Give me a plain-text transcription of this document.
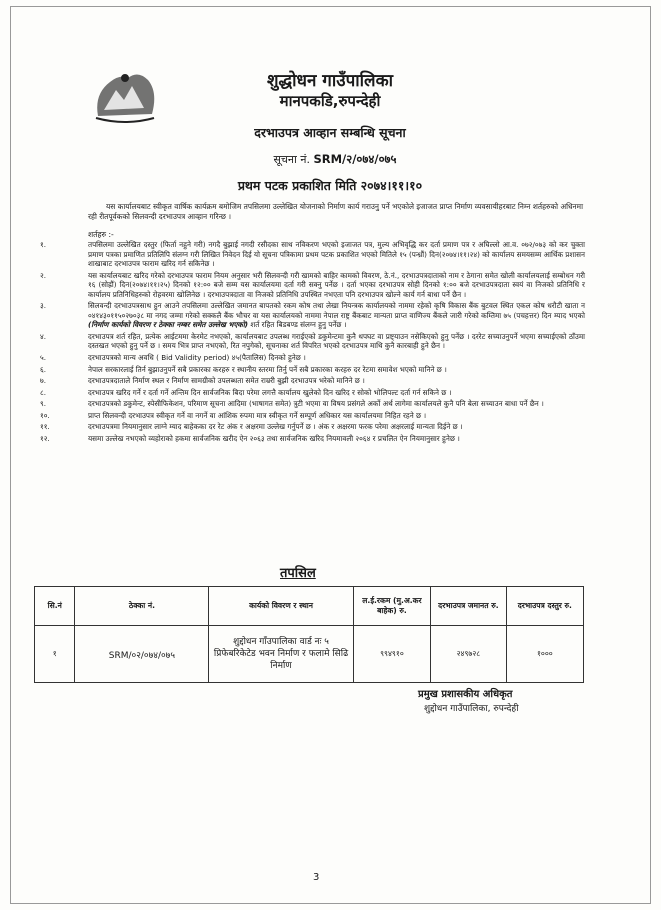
शुद्धोधन गाउँपालिका
मानपकडि,रुपन्देही
दरभाउपत्र आव्हान सम्बन्धि सूचना
सूचना नं. SRM/२/०७४/०७५
प्रथम पटक प्रकाशित मिति २०७४।११।१०
यस कार्यालयबाट स्वीकृत वार्षिक कार्यक्रम बमोजिम तपसिलमा उल्लेखित योजनाको निर्माण कार्य गराउनु पर्ने भएकोले इजाजत प्राप्त निर्माण व्यवसायीहरबाट निम्न शर्तहरुको अधिनमा रही रीतपूर्वकको सिलवन्दी दरभाउपत्र आव्हान गरिन्छ ।
शर्तहरु :-
१.	तपसिलमा उल्लेखित दस्तुर (फिर्ता नहुने गरी) नगदै बुझाई नगदी रसीदका साथ नविकरण भएको इजाजत पत्र, मुल्य अभिवृद्धि कर दर्ता प्रमाण पत्र र अघिल्लो आ.व. ०७२/०७३ को कर चुक्ता प्रमाण पत्रका प्रमाणित प्रतिलिपि संलग्न गरी लिखित निवेदन दिई यो सूचना पत्रिकामा प्रथम पटक प्रकाशित भएको मितिले १५ (पन्ध्रौं) दिन(२०७४।११।२४) को कार्यालय समयसम्म आर्थिक प्रशासन शाखाबाट दरभाउपत्र फाराम खरिद गर्न सकिनेछ ।
२.	यस कार्यालयबाट खरिद गरेको दरभाउपत्र फाराम नियम अनुसार भरी सिलवन्दी गरी खामको बाहिर कामको विवरण, ठे.नं., दरभाउपत्रदाताको नाम र ठेगाना समेत खोली कार्यालयलाई सम्बोधन गरी १६ (सोह्रौं) दिन(२०७४।११।२५) दिनको १२:०० बजे सम्म यस कार्यालयमा दर्ता गरी सक्नु पर्नेछ । दर्ता भएका दरभाउपत्र सोही दिनको १:०० बजे दरभाउपत्रदाता स्वयं वा निजको प्रतिनिधि र कार्यालय प्रतिनिधिहरुको रोहवरमा खोलिनेछ । दरभाउपत्रदाता वा निजको प्रतिनिधि उपस्थित नभएता पनि दरभाउपत्र खोल्ने कार्य गर्न बाधा पर्ने छैन ।
३.	सिलवन्दी दरभाउपत्रसाथ हुन आउने तपसिलमा उल्लेखित जमानत बापतको रकम कोष तथा लेखा नियन्त्रक कार्यालयको नाममा रहेको कृषि विकास बैंक बुटवल स्थित एकल कोष धरौटी खाता न ०४१४३०११५०२७०३८ मा नगद जम्मा गरेको सक्कलै बैंक भौचर वा यस कार्यालयको नाममा नेपाल राष्ट्र बैंकबाट मान्यता प्राप्त वाणिज्य बैंकले जारी गरेको कम्तिमा ७५ (पचहत्तर) दिन म्याद भएको (निर्माण कार्यको विवरण र ठेक्का नम्बर समेत उल्लेख भएको) शर्त रहित बिडबण्ड संलग्न हुनु पर्नेछ ।
४.	दरभाउपत्र शर्त रहित, प्रत्येक आईटममा केरमेट नभएको, कार्यालयबाट उपलब्ध गराईएको डकुमेन्टमा कुनै थपघट वा प्रष्ट्याउन नसेकिएको हुनु पर्नेछ । दररेट सच्याउनुपर्ने भएमा सच्याईएको ठाँउमा दस्तखत भएको हुनु पर्ने छ । समय भित्र प्राप्त नभएको, रित नपुगेको, सूचनाका शर्त विपरित भएको दरभाउपत्र माथि कुनै कारबाही हुने छैन ।
५.	दरभाउपत्रको मान्य अवधि ( Bid Validity period) ४५(पैतालिस) दिनको हुनेछ ।
६.	नेपाल सरकारलाई तिर्न बुझाउनुपर्ने सबै प्रकारका करहरु र स्थानीय स्तरमा तिर्नु पर्ने सबै प्रकारका करहरु दर रेटमा समावेश भएको मानिने छ ।
७.	दरभाउपत्रदाताले निर्माण स्थल र निर्माण सामग्रीको उपलब्धता समेत राम्ररी बुझी दरभाउपत्र भरेको मानिने छ ।
८.	दरभाउपत्र खरिद गर्ने र दर्ता गर्ने अन्तिम दिन सार्वजनिक बिदा परेमा लगत्तै कार्यालय खुलेको दिन खरिद र सोको भोलिपल्ट दर्ता गर्न सकिने छ ।
९.	दरभाउपत्रको डकुमेन्ट, स्पेसीफिकेशन, परिमाण सूचना आदिमा (भाषागत समेत) त्रुटी भएमा वा विषय प्रसंगले अर्को अर्थ लागेमा कार्यालयले कुनै पनि बेला सच्याउन बाधा पर्ने छैन ।
१०.	प्राप्त सिलवन्दी दरभाउपत्र स्वीकृत गर्ने वा नगर्ने वा आंशिक रुपमा मात्र स्वीकृत गर्ने सम्पूर्ण अधिकार यस कार्यालयमा निहित रहने छ ।
११.	दरभाउपत्रमा नियमानुसार लाग्ने म्याद बाहेकका दर रेट अंक र अक्षरमा उल्लेख गर्नुपर्ने छ । अंक र अक्षरमा फरक परेमा अक्षरलाई मान्यता दिईने छ ।
१२.	यसमा उल्लेख नभएको व्यहोराको हकमा सार्वजनिक खरीद ऐन २०६३ तथा सार्वजनिक खरिद नियमावली २०६४ र प्रचलित ऐन नियमानुसार हुनेछ ।
तपसिल
सि.नं	ठेक्का नं.	कार्यको विवरण र स्थान	ल.ई.रकम (मु.अ.कर बाहेक) रु.	दरभाउपत्र जमानत रु.	दरभाउपत्र दस्तुर रु.
१	SRM/०२/०७४/०७५	शुद्दोधन गाँउपालिका वार्ड नः ५ प्रिफेबरिकेटेड भवन निर्माण र फलामे सिढि निर्माण	९९४९१०	२४९७२८	१०००
प्रमुख प्रशासकीय अधिकृत
शुद्दोधन गाउँपालिका, रुपन्देही
3
